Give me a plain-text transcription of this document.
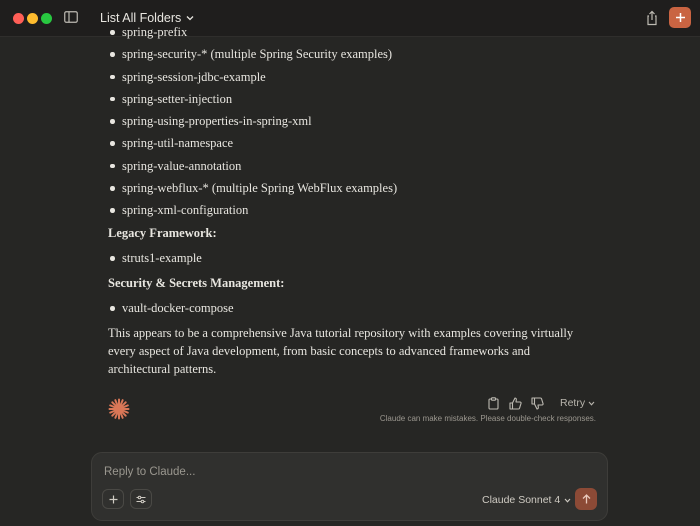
List All Folders
spring-prefix
spring-security-* (multiple Spring Security examples)
spring-session-jdbc-example
spring-setter-injection
spring-using-properties-in-spring-xml
spring-util-namespace
spring-value-annotation
spring-webflux-* (multiple Spring WebFlux examples)
spring-xml-configuration
Legacy Framework:
struts1-example
Security & Secrets Management:
vault-docker-compose

This appears to be a comprehensive Java tutorial repository with examples covering virtually every aspect of Java development, from basic concepts to advanced frameworks and architectural patterns.

Retry
Claude can make mistakes. Please double-check responses.
Reply to Claude...
Claude Sonnet 4
